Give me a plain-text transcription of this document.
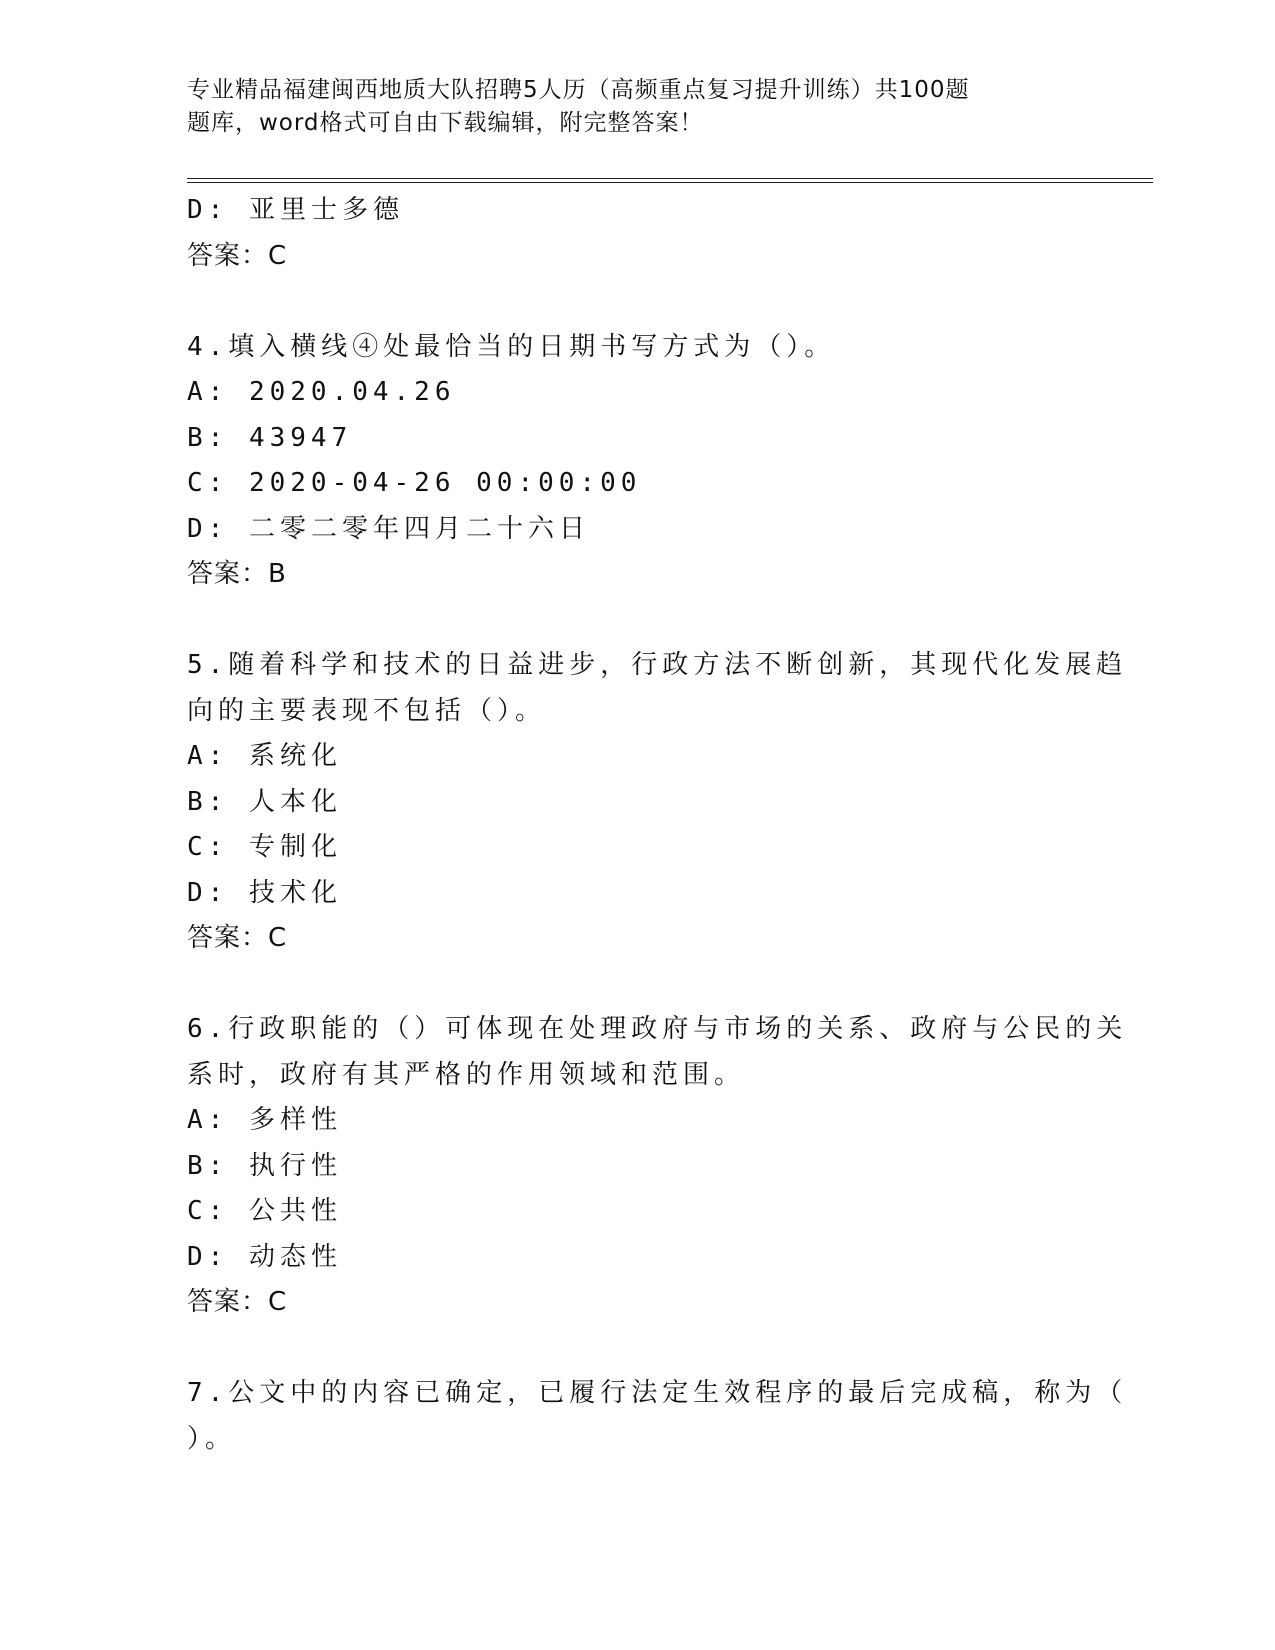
专业精品福建闽西地质大队招聘5人历（高频重点复习提升训练）共100题
题库，word格式可自由下载编辑，附完整答案！
D: 亚里士多德
答案：C
4.填入横线④处最恰当的日期书写方式为（）。
A: 2020.04.26
B: 43947
C: 2020-04-26 00:00:00
D: 二零二零年四月二十六日
答案：B
5.随着科学和技术的日益进步，行政方法不断创新，其现代化发展趋
向的主要表现不包括（）。
A: 系统化
B: 人本化
C: 专制化
D: 技术化
答案：C
6.行政职能的（）可体现在处理政府与市场的关系、政府与公民的关
系时，政府有其严格的作用领域和范围。
A: 多样性
B: 执行性
C: 公共性
D: 动态性
答案：C
7.公文中的内容已确定，已履行法定生效程序的最后完成稿，称为（
）。
